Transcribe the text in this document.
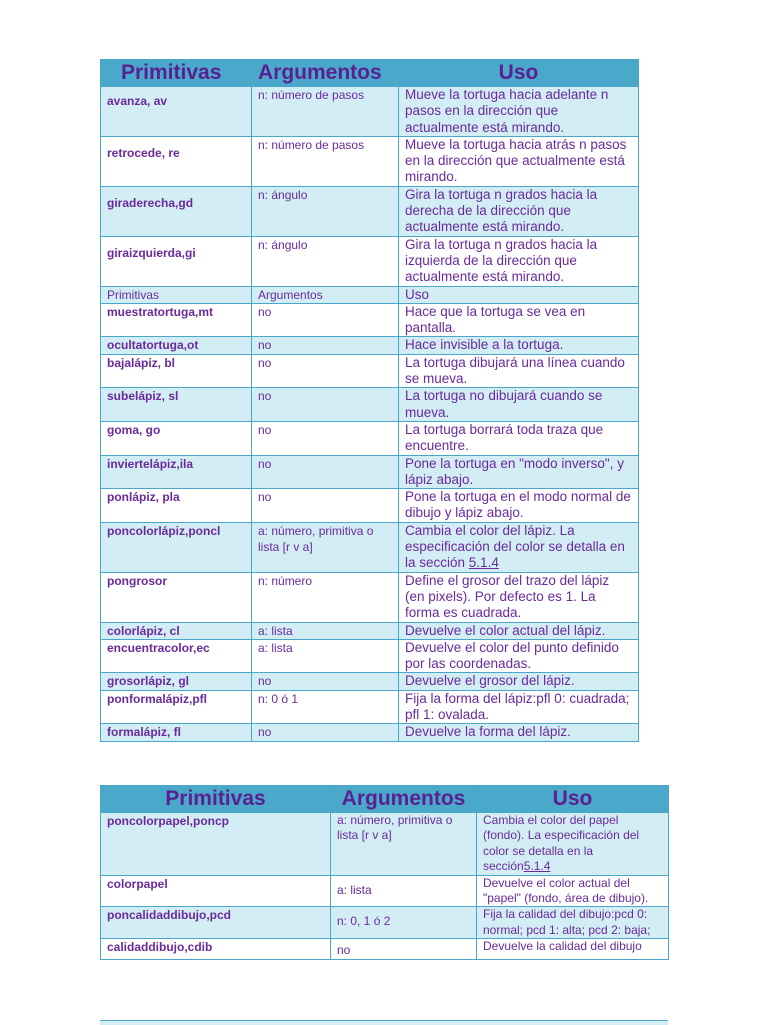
Primitivas	Argumentos	Uso
avanza, av	n: número de pasos	Mueve la tortuga hacia adelante n pasos en la dirección que actualmente está mirando.
retrocede, re	n: número de pasos	Mueve la tortuga hacia atrás n pasos en la dirección que actualmente está mirando.
giraderecha,gd	n: ángulo	Gira la tortuga n grados hacia la derecha de la dirección que actualmente está mirando.
giraizquierda,gi	n: ángulo	Gira la tortuga n grados hacia la izquierda de la dirección que actualmente está mirando.
Primitivas	Argumentos	Uso
muestratortuga,mt	no	Hace que la tortuga se vea en pantalla.
ocultatortuga,ot	no	Hace invisible a la tortuga.
bajalápiz, bl	no	La tortuga dibujará una línea cuando se mueva.
subelápiz, sl	no	La tortuga no dibujará cuando se mueva.
goma, go	no	La tortuga borrará toda traza que encuentre.
inviertelápiz,ila	no	Pone la tortuga en "modo inverso", y lápiz abajo.
ponlápiz, pla	no	Pone la tortuga en el modo normal de dibujo y lápiz abajo.
poncolorlápiz,poncl	a: número, primitiva o lista [r v a]	Cambia el color del lápiz. La especificación del color se detalla en la sección 5.1.4
pongrosor	n: número	Define el grosor del trazo del lápiz (en pixels). Por defecto es 1. La forma es cuadrada.
colorlápiz, cl	a: lista	Devuelve el color actual del lápiz.
encuentracolor,ec	a: lista	Devuelve el color del punto definido por las coordenadas.
grosorlápiz, gl	no	Devuelve el grosor del lápiz.
ponformalápiz,pfl	n: 0 ó 1	Fija la forma del lápiz:pfl 0: cuadrada; pfl 1: ovalada.
formalápiz, fl	no	Devuelve la forma del lápiz.
Primitivas	Argumentos	Uso
poncolorpapel,poncp	a: número, primitiva o lista [r v a]	Cambia el color del papel (fondo). La especificación del color se detalla en la sección5.1.4
colorpapel	a: lista	Devuelve el color actual del "papel" (fondo, área de dibujo).
poncalidaddibujo,pcd	n: 0, 1 ó 2	Fija la calidad del dibujo:pcd 0: normal; pcd 1: alta; pcd 2: baja;
calidaddibujo,cdib	no	Devuelve la calidad del dibujo
